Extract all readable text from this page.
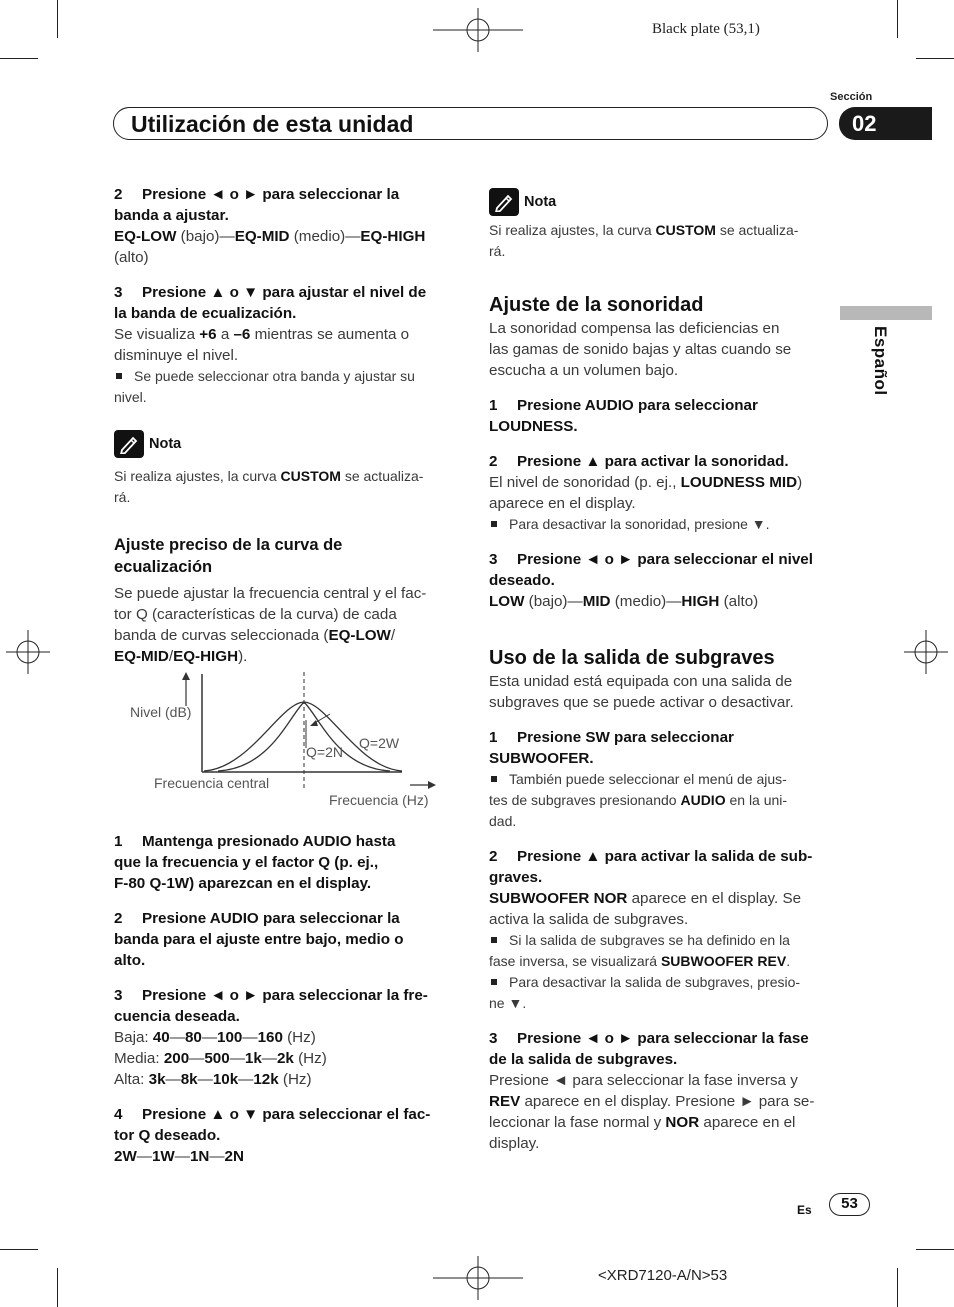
Black plate (53,1)
Sección
Utilización de esta unidad	02
Español

2 Presione ◄ o ► para seleccionar la

banda a ajustar.

EQ-LOW (bajo)—EQ-MID (medio)—EQ-HIGH

(alto)

3 Presione ▲ o ▼ para ajustar el nivel de

la banda de ecualización.

Se visualiza +6 a –6 mientras se aumenta o

disminuye el nivel.

Se puede seleccionar otra banda y ajustar su

nivel.

Nota

Si realiza ajustes, la curva CUSTOM se actualiza-

rá.

Ajuste preciso de la curva de

ecualización

Se puede ajustar la frecuencia central y el fac-

tor Q (características de la curva) de cada

banda de curvas seleccionada (EQ-LOW/

EQ-MID/EQ-HIGH).

Nivel (dB)
Q=2N
Q=2W
Frecuencia central
Frecuencia (Hz)

1 Mantenga presionado AUDIO hasta

que la frecuencia y el factor Q (p. ej.,

F-80 Q-1W) aparezcan en el display.

2 Presione AUDIO para seleccionar la

banda para el ajuste entre bajo, medio o

alto.

3 Presione ◄ o ► para seleccionar la fre-

cuencia deseada.

Baja: 40—80—100—160 (Hz)

Media: 200—500—1k—2k (Hz)

Alta: 3k—8k—10k—12k (Hz)

4 Presione ▲ o ▼ para seleccionar el fac-

tor Q deseado.

2W—1W—1N—2N

Nota

Si realiza ajustes, la curva CUSTOM se actualiza-

rá.

Ajuste de la sonoridad

La sonoridad compensa las deficiencias en

las gamas de sonido bajas y altas cuando se

escucha a un volumen bajo.

1 Presione AUDIO para seleccionar

LOUDNESS.

2 Presione ▲ para activar la sonoridad.

El nivel de sonoridad (p. ej., LOUDNESS MID)

aparece en el display.

Para desactivar la sonoridad, presione ▼.

3 Presione ◄ o ► para seleccionar el nivel

deseado.

LOW (bajo)—MID (medio)—HIGH (alto)

Uso de la salida de subgraves

Esta unidad está equipada con una salida de

subgraves que se puede activar o desactivar.

1 Presione SW para seleccionar

SUBWOOFER.

También puede seleccionar el menú de ajus-

tes de subgraves presionando AUDIO en la uni-

dad.

2 Presione ▲ para activar la salida de sub-

graves.

SUBWOOFER NOR aparece en el display. Se

activa la salida de subgraves.

Si la salida de subgraves se ha definido en la

fase inversa, se visualizará SUBWOOFER REV.

Para desactivar la salida de subgraves, presio-

ne ▼.

3 Presione ◄ o ► para seleccionar la fase

de la salida de subgraves.

Presione ◄ para seleccionar la fase inversa y

REV aparece en el display. Presione ► para se-

leccionar la fase normal y NOR aparece en el

display.

Es	53
<XRD7120-A/N>53
